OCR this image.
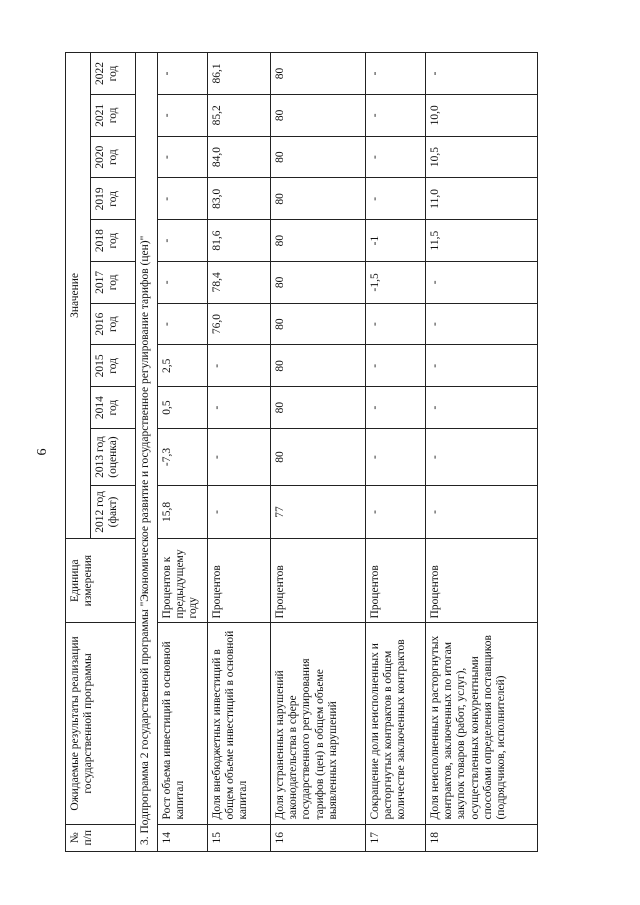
6
№ п/п	Ожидаемые результаты реализации государственной программы	Единица измерения	Значение										
			2012 год (факт)	2013 год (оценка)	2014 год	2015 год	2016 год	2017 год	2018 год	2019 год	2020 год	2021 год	2022 год
3. Подпрограмма 2 государственной программы "Экономическое развитие и государственное регулирование тарифов (цен)"													
14	Рост объема инвестиций в основной капитал	Процентов к предыдущему году	15,8	-7,3	0,5	2,5	-	-	-	-	-	-	-
15	Доля внебюджетных инвестиций в общем объеме инвестиций в основной капитал	Процентов	-	-	-	-	76,0	78,4	81,6	83,0	84,0	85,2	86,1
16	Доля устраненных нарушений законодательства в сфере государственного регулирования тарифов (цен) в общем объеме выявленных нарушений	Процентов	77	80	80	80	80	80	80	80	80	80	80
17	Сокращение доли неисполненных и расторгнутых контрактов в общем количестве заключенных контрактов	Процентов	-	-	-	-	-	-1,5	-1	-	-	-	-
18	Доля неисполненных и расторгнутых контрактов, заключенных по итогам закупок товаров (работ, услуг), осуществленных конкурентными способами определения поставщиков (подрядчиков, исполнителей)	Процентов	-	-	-	-	-	-	11,5	11,0	10,5	10,0	-
